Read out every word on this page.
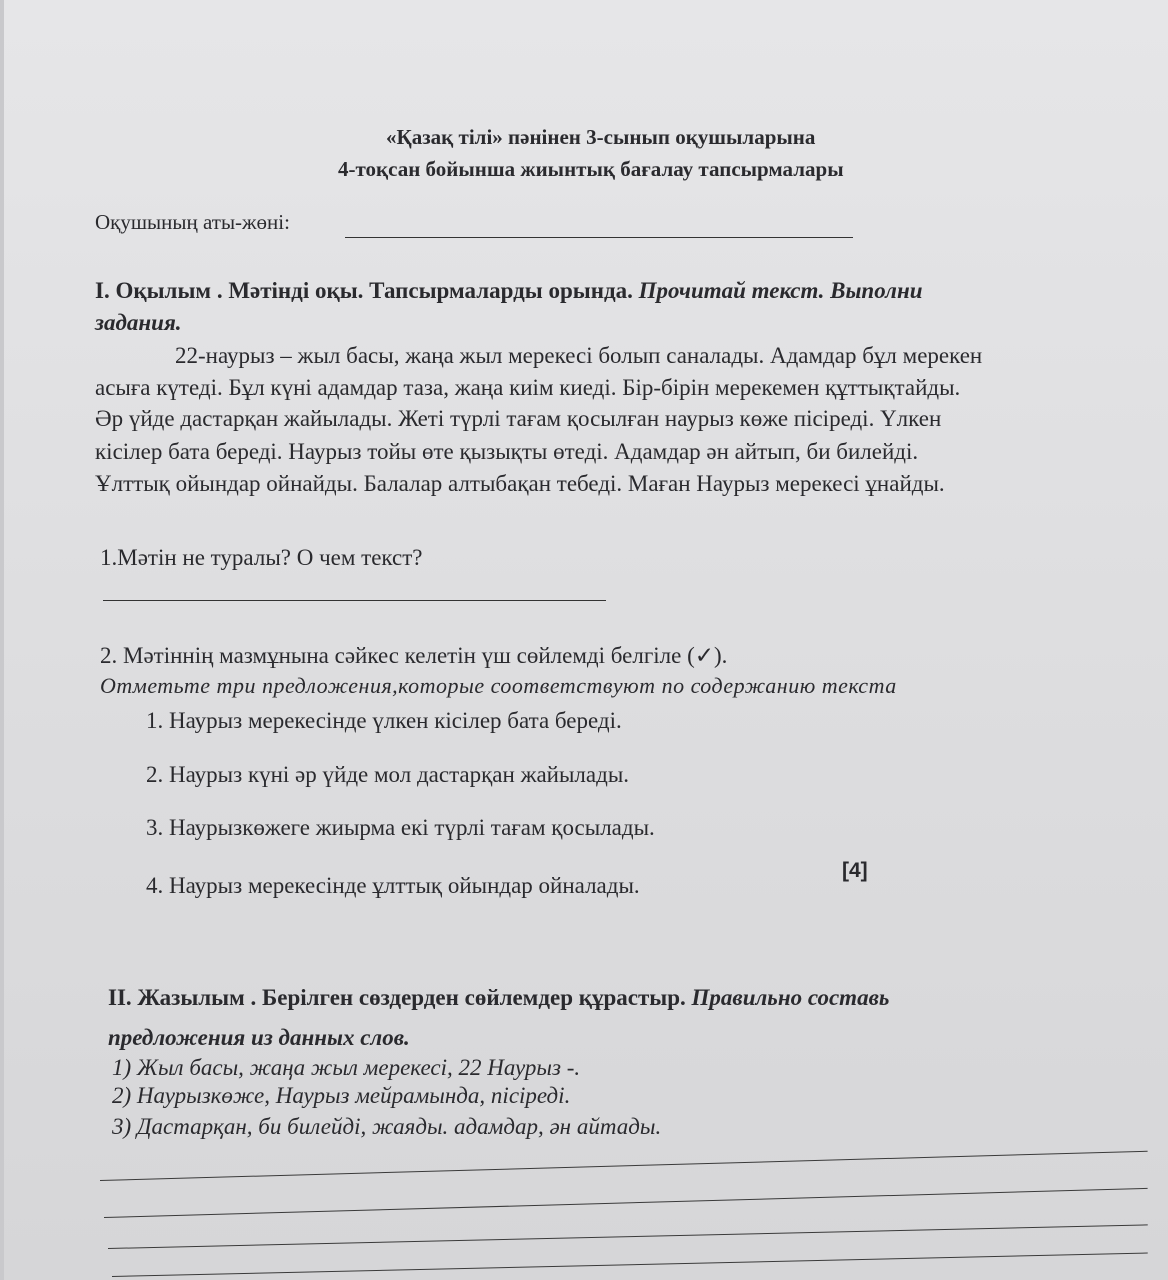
«Қазақ тілі» пәнінен 3-сынып оқушыларына
4-тоқсан бойынша жиынтық бағалау тапсырмалары
Оқушының аты-жөні:
I. Оқылым . Мәтінді оқы. Тапсырмаларды орында. Прочитай текст. Выполни
задания.
22-наурыз – жыл басы, жаңа жыл мерекесі болып саналады. Адамдар бұл мерекен
асыға күтеді. Бұл күні адамдар таза, жаңа киім киеді. Бір-бірін мерекемен құттықтайды.
Әр үйде дастарқан жайылады. Жеті түрлі тағам қосылған наурыз көже пісіреді. Үлкен
кісілер бата береді. Наурыз тойы өте қызықты өтеді. Адамдар ән айтып, би билейді.
Ұлттық ойындар ойнайды. Балалар алтыбақан тебеді. Маған Наурыз мерекесі ұнайды.
1.Мәтін не туралы? О чем текст?
2. Мәтіннің мазмұнына сәйкес келетін үш сөйлемді белгіле (✓).
Отметьте три предложения,которые соответствуют по содержанию текста
1. Наурыз мерекесінде үлкен кісілер бата береді.
2. Наурыз күні әр үйде мол дастарқан жайылады.
3. Наурызкөжеге жиырма екі түрлі тағам қосылады.
4. Наурыз мерекесінде ұлттық ойындар ойналады.
[4]
II. Жазылым . Берілген сөздерден сөйлемдер құрастыр. Правильно составь
предложения из данных слов.
1) Жыл басы, жаңа жыл мерекесі, 22 Наурыз -.
2) Наурызкөже, Наурыз мейрамында, пісіреді.
3) Дастарқан, би билейді, жаяды. адамдар, ән айтады.
